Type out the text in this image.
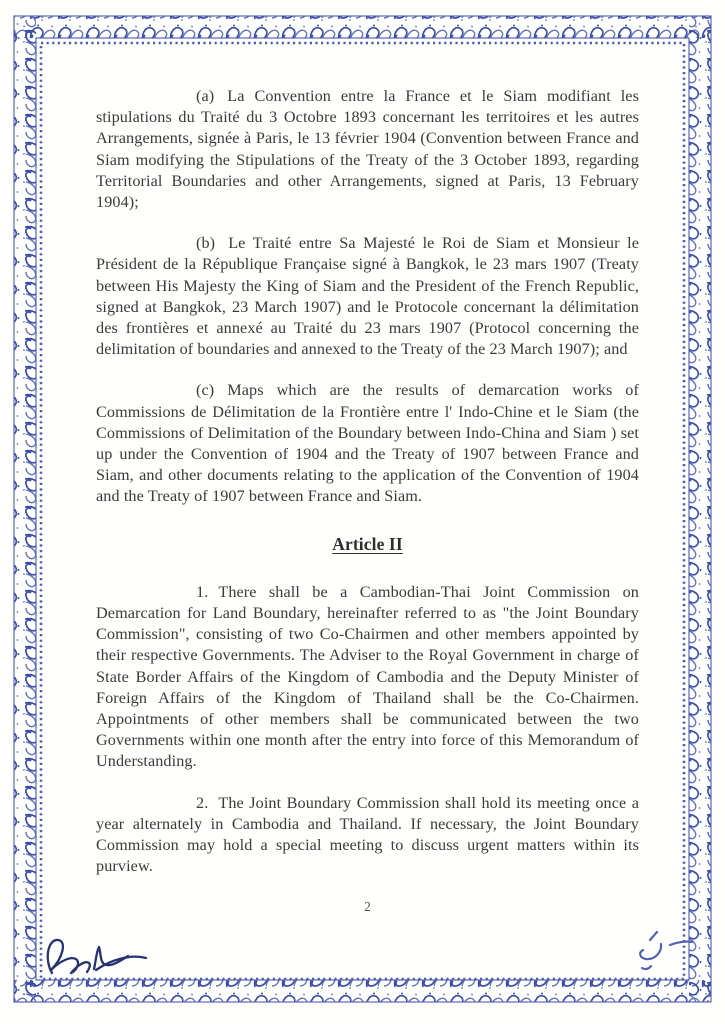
(a) La Convention entre la France et le Siam modifiant les stipulations du Traité du 3 Octobre 1893 concernant les territoires et les autres Arrangements, signée à Paris, le 13 février 1904 (Convention between France and Siam modifying the Stipulations of the Treaty of the 3 October 1893, regarding Territorial Boundaries and other Arrangements, signed at Paris, 13 February 1904);

(b) Le Traité entre Sa Majesté le Roi de Siam et Monsieur le Président de la République Française signé à Bangkok, le 23 mars 1907 (Treaty between His Majesty the King of Siam and the President of the French Republic, signed at Bangkok, 23 March 1907) and le Protocole concernant la délimitation des frontières et annexé au Traité du 23 mars 1907 (Protocol concerning the delimitation of boundaries and annexed to the Treaty of the 23 March 1907); and

(c) Maps which are the results of demarcation works of Commissions de Délimitation de la Frontière entre l' Indo-Chine et le Siam (the Commissions of Delimitation of the Boundary between Indo-China and Siam ) set up under the Convention of 1904 and the Treaty of 1907 between France and Siam, and other documents relating to the application of the Convention of 1904 and the Treaty of 1907 between France and Siam.

Article II

1. There shall be a Cambodian-Thai Joint Commission on Demarcation for Land Boundary, hereinafter referred to as "the Joint Boundary Commission", consisting of two Co-Chairmen and other members appointed by their respective Governments. The Adviser to the Royal Government in charge of State Border Affairs of the Kingdom of Cambodia and the Deputy Minister of Foreign Affairs of the Kingdom of Thailand shall be the Co-Chairmen. Appointments of other members shall be communicated between the two Governments within one month after the entry into force of this Memorandum of Understanding.

2. The Joint Boundary Commission shall hold its meeting once a year alternately in Cambodia and Thailand. If necessary, the Joint Boundary Commission may hold a special meeting to discuss urgent matters within its purview.

2
